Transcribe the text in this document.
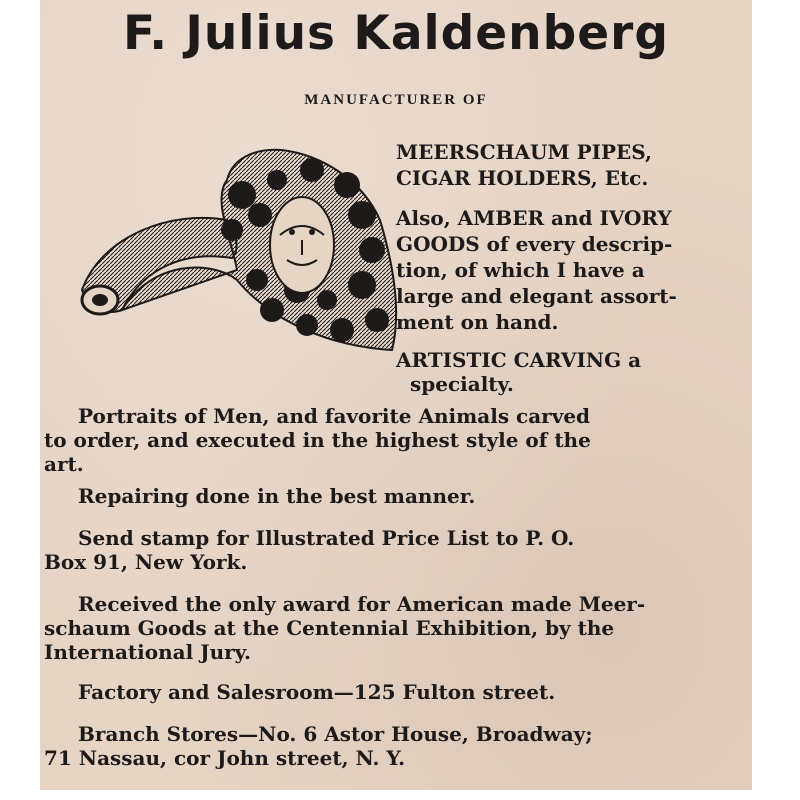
F. Julius Kaldenberg
MANUFACTURER OF
MEERSCHAUM PIPES,
CIGAR HOLDERS, Etc.
Also, AMBER and IVORY
GOODS of every descrip-
tion, of which I have a
large and elegant assort-
ment on hand.
ARTISTIC CARVING a
specialty.
Portraits of Men, and favorite Animals carved
to order, and executed in the highest style of the
art.
Repairing done in the best manner.
Send stamp for Illustrated Price List to P. O.
Box 91, New York.
Received the only award for American made Meer-
schaum Goods at the Centennial Exhibition, by the
International Jury.
Factory and Salesroom—125 Fulton street.
Branch Stores—No. 6 Astor House, Broadway;
71 Nassau, cor John street, N. Y.
